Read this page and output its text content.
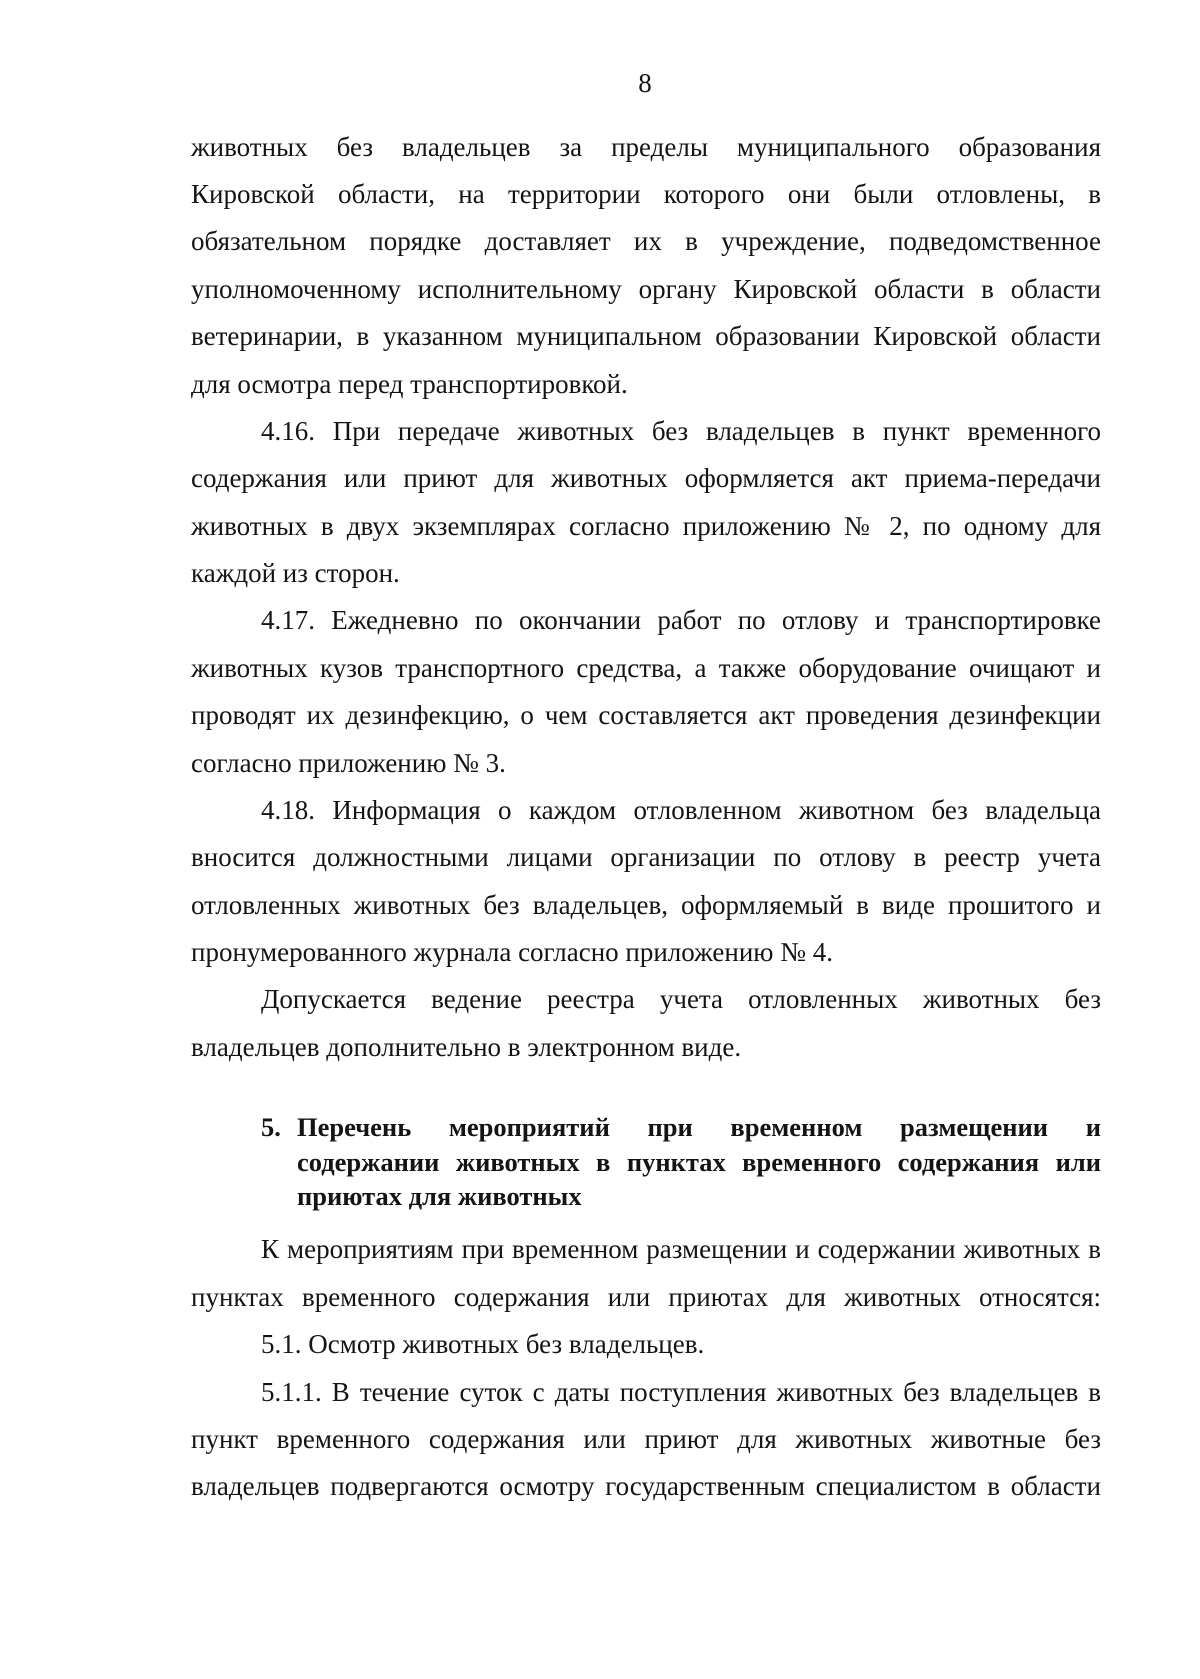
8
животных без владельцев за пределы муниципального образования
Кировской области, на территории которого они были отловлены, в
обязательном порядке доставляет их в учреждение, подведомственное
уполномоченному исполнительному органу Кировской области в области
ветеринарии, в указанном муниципальном образовании Кировской области
для осмотра перед транспортировкой.
4.16. При передаче животных без владельцев в пункт временного
содержания или приют для животных оформляется акт приема-передачи
животных в двух экземплярах согласно приложению № 2, по одному для
каждой из сторон.
4.17. Ежедневно по окончании работ по отлову и транспортировке
животных кузов транспортного средства, а также оборудование очищают и
проводят их дезинфекцию, о чем составляется акт проведения дезинфекции
согласно приложению № 3.
4.18. Информация о каждом отловленном животном без владельца
вносится должностными лицами организации по отлову в реестр учета
отловленных животных без владельцев, оформляемый в виде прошитого и
пронумерованного журнала согласно приложению № 4.
Допускается ведение реестра учета отловленных животных без
владельцев дополнительно в электронном виде.
5. Перечень мероприятий при временном размещении и
содержании животных в пунктах временного содержания или
приютах для животных
К мероприятиям при временном размещении и содержании животных в
пунктах временного содержания или приютах для животных относятся:
5.1. Осмотр животных без владельцев.
5.1.1. В течение суток с даты поступления животных без владельцев в
пункт временного содержания или приют для животных животные без
владельцев подвергаются осмотру государственным специалистом в области
